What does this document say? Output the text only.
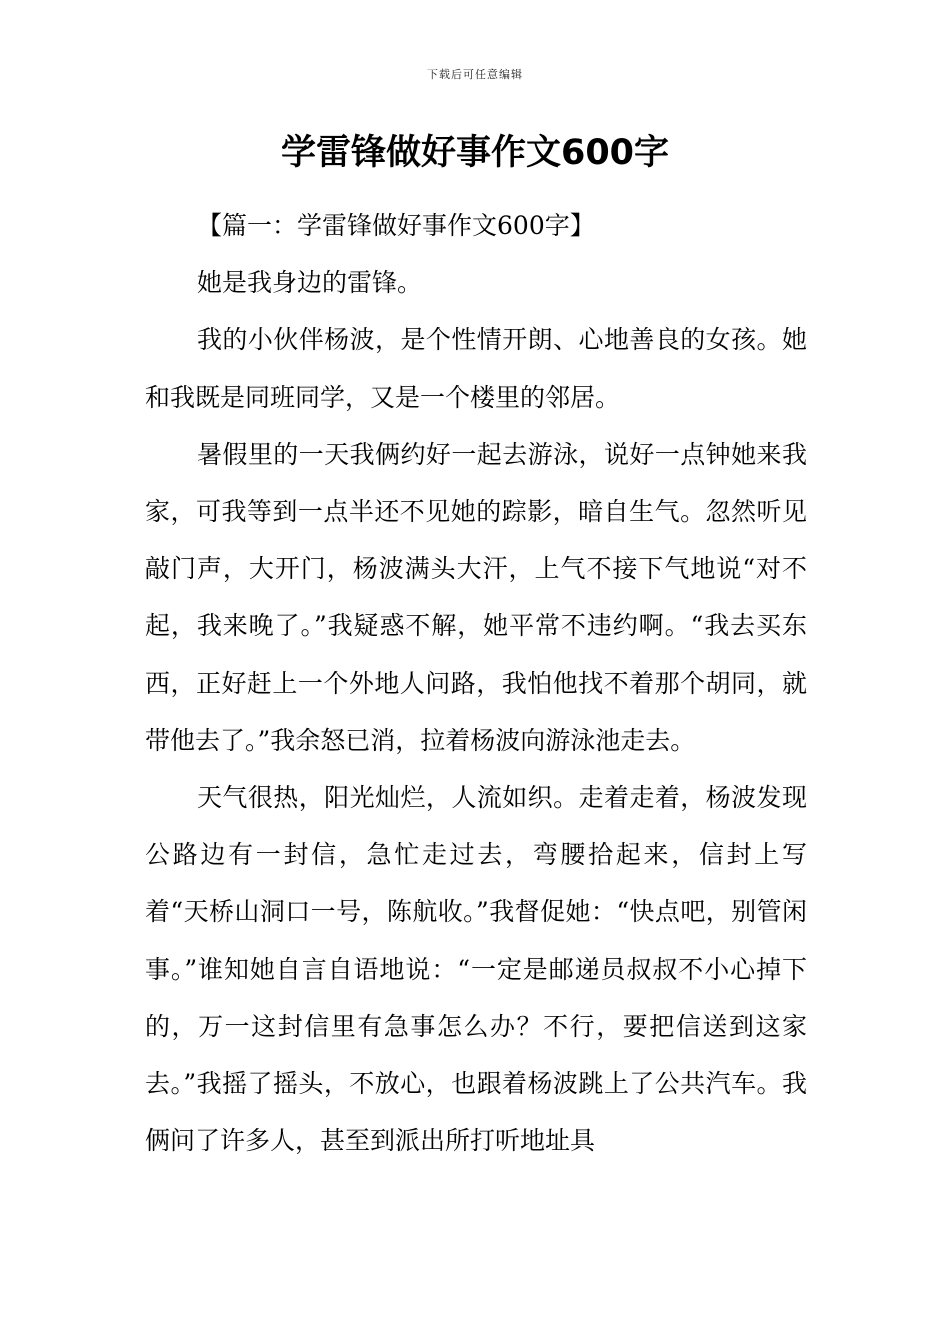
下载后可任意编辑
学雷锋做好事作文600字

【篇一：学雷锋做好事作文600字】

她是我身边的雷锋。

我的小伙伴杨波，是个性情开朗、心地善良的女孩。她和我既是同班同学，又是一个楼里的邻居。

暑假里的一天我俩约好一起去游泳，说好一点钟她来我家，可我等到一点半还不见她的踪影，暗自生气。忽然听见敲门声，大开门，杨波满头大汗，上气不接下气地说“对不起，我来晚了。”我疑惑不解，她平常不违约啊。“我去买东西，正好赶上一个外地人问路，我怕他找不着那个胡同，就带他去了。”我余怒已消，拉着杨波向游泳池走去。

天气很热，阳光灿烂，人流如织。走着走着，杨波发现公路边有一封信，急忙走过去，弯腰拾起来，信封上写着“天桥山洞口一号，陈航收。”我督促她：“快点吧，别管闲事。”谁知她自言自语地说：“一定是邮递员叔叔不小心掉下的，万一这封信里有急事怎么办？不行，要把信送到这家去。”我摇了摇头，不放心，也跟着杨波跳上了公共汽车。我俩问了许多人，甚至到派出所打听地址具
